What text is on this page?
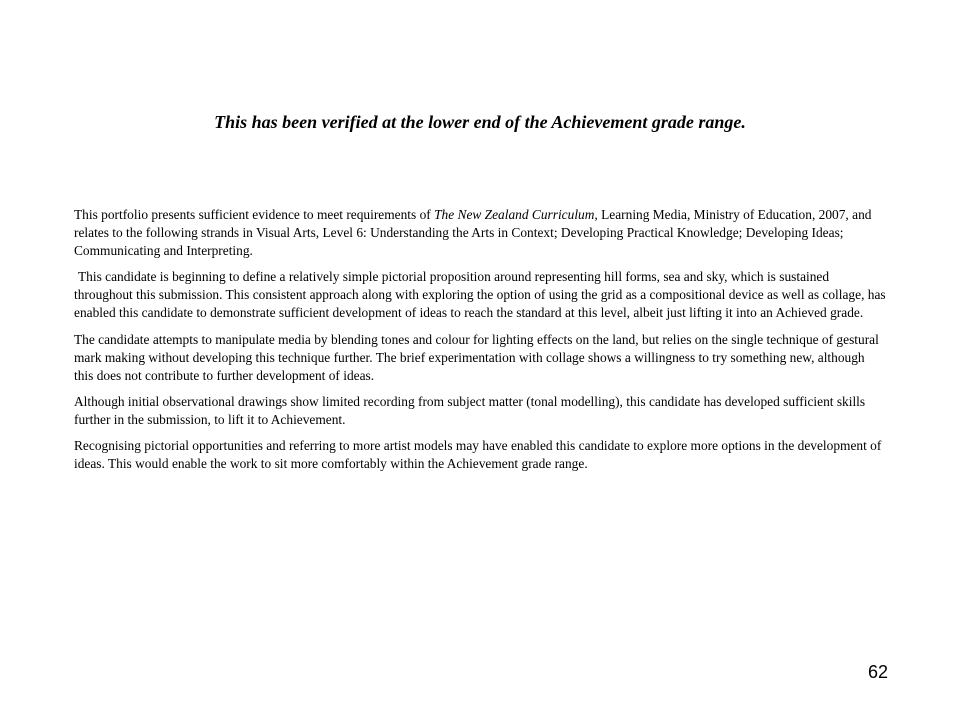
This has been verified at the lower end of the Achievement grade range.

This portfolio presents sufficient evidence to meet requirements of The New Zealand Curriculum, Learning Media, Ministry of Education, 2007, and relates to the following strands in Visual Arts, Level 6: Understanding the Arts in Context; Developing Practical Knowledge; Developing Ideas; Communicating and Interpreting.

This candidate is beginning to define a relatively simple pictorial proposition around representing hill forms, sea and sky, which is sustained throughout this submission. This consistent approach along with exploring the option of using the grid as a compositional device as well as collage, has enabled this candidate to demonstrate sufficient development of ideas to reach the standard at this level, albeit just lifting it into an Achieved grade.

The candidate attempts to manipulate media by blending tones and colour for lighting effects on the land, but relies on the single technique of gestural mark making without developing this technique further. The brief experimentation with collage shows a willingness to try something new, although this does not contribute to further development of ideas.

Although initial observational drawings show limited recording from subject matter (tonal modelling), this candidate has developed sufficient skills further in the submission, to lift it to Achievement.

Recognising pictorial opportunities and referring to more artist models may have enabled this candidate to explore more options in the development of ideas. This would enable the work to sit more comfortably within the Achievement grade range.

62
